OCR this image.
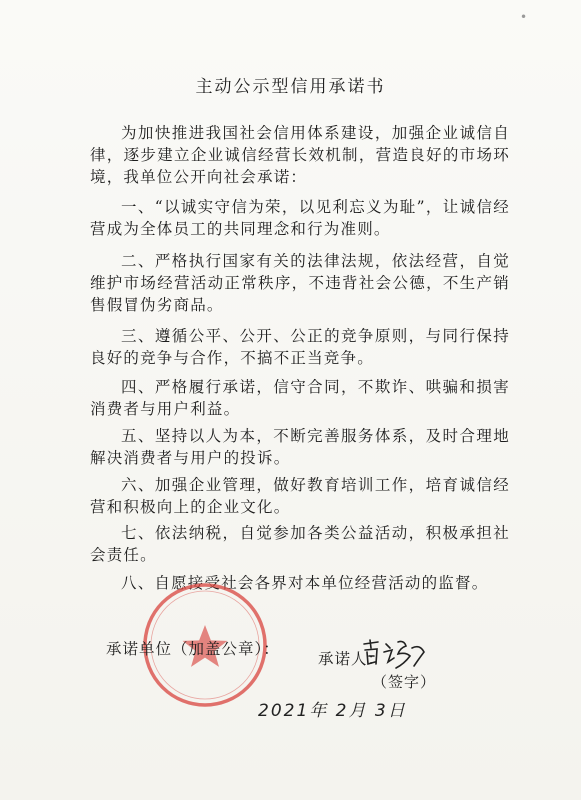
•
主动公示型信用承诺书
为加快推进我国社会信用体系建设，加强企业诚信自律，逐步建立企业诚信经营长效机制，营造良好的市场环境，我单位公开向社会承诺：
一、“以诚实守信为荣，以见利忘义为耻”，让诚信经营成为全体员工的共同理念和行为准则。
二、严格执行国家有关的法律法规，依法经营，自觉维护市场经营活动正常秩序，不违背社会公德，不生产销售假冒伪劣商品。
三、遵循公平、公开、公正的竞争原则，与同行保持良好的竞争与合作，不搞不正当竞争。
四、严格履行承诺，信守合同，不欺诈、哄骗和损害消费者与用户利益。
五、坚持以人为本，不断完善服务体系，及时合理地解决消费者与用户的投诉。
六、加强企业管理，做好教育培训工作，培育诚信经营和积极向上的企业文化。
七、依法纳税，自觉参加各类公益活动，积极承担社会责任。
八、自愿接受社会各界对本单位经营活动的监督。
承诺单位（加盖公章）：
承诺人：
（签字）
2021年 2月 3日
